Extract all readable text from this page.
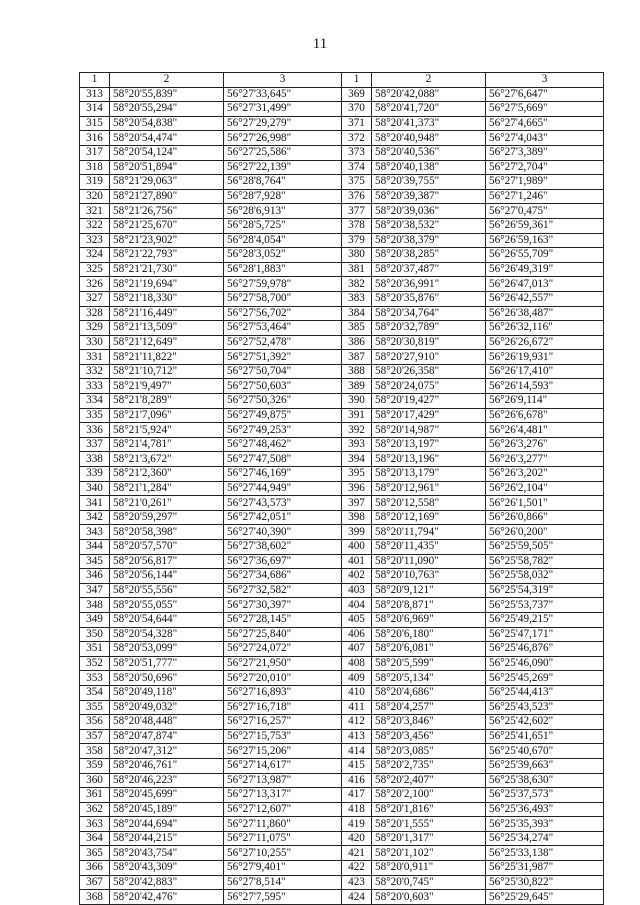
11
1	2	3	1	2	3
313	58°20'55,839"	56°27'33,645"	369	58°20'42,088"	56°27'6,647"
314	58°20'55,294"	56°27'31,499"	370	58°20'41,720"	56°27'5,669"
315	58°20'54,838"	56°27'29,279"	371	58°20'41,373"	56°27'4,665"
316	58°20'54,474"	56°27'26,998"	372	58°20'40,948"	56°27'4,043"
317	58°20'54,124"	56°27'25,586"	373	58°20'40,536"	56°27'3,389"
318	58°20'51,894"	56°27'22,139"	374	58°20'40,138"	56°27'2,704"
319	58°21'29,063"	56°28'8,764"	375	58°20'39,755"	56°27'1,989"
320	58°21'27,890"	56°28'7,928"	376	58°20'39,387"	56°27'1,246"
321	58°21'26,756"	56°28'6,913"	377	58°20'39,036"	56°27'0,475"
322	58°21'25,670"	56°28'5,725"	378	58°20'38,532"	56°26'59,361"
323	58°21'23,902"	56°28'4,054"	379	58°20'38,379"	56°26'59,163"
324	58°21'22,793"	56°28'3,052"	380	58°20'38,285"	56°26'55,709"
325	58°21'21,730"	56°28'1,883"	381	58°20'37,487"	56°26'49,319"
326	58°21'19,694"	56°27'59,978"	382	58°20'36,991"	56°26'47,013"
327	58°21'18,330"	56°27'58,700"	383	58°20'35,876"	56°26'42,557"
328	58°21'16,449"	56°27'56,702"	384	58°20'34,764"	56°26'38,487"
329	58°21'13,509"	56°27'53,464"	385	58°20'32,789"	56°26'32,116"
330	58°21'12,649"	56°27'52,478"	386	58°20'30,819"	56°26'26,672"
331	58°21'11,822"	56°27'51,392"	387	58°20'27,910"	56°26'19,931"
332	58°21'10,712"	56°27'50,704"	388	58°20'26,358"	56°26'17,410"
333	58°21'9,497"	56°27'50,603"	389	58°20'24,075"	56°26'14,593"
334	58°21'8,289"	56°27'50,326"	390	58°20'19,427"	56°26'9,114"
335	58°21'7,096"	56°27'49,875"	391	58°20'17,429"	56°26'6,678"
336	58°21'5,924"	56°27'49,253"	392	58°20'14,987"	56°26'4,481"
337	58°21'4,781"	56°27'48,462"	393	58°20'13,197"	56°26'3,276"
338	58°21'3,672"	56°27'47,508"	394	58°20'13,196"	56°26'3,277"
339	58°21'2,360"	56°27'46,169"	395	58°20'13,179"	56°26'3,202"
340	58°21'1,284"	56°27'44,949"	396	58°20'12,961"	56°26'2,104"
341	58°21'0,261"	56°27'43,573"	397	58°20'12,558"	56°26'1,501"
342	58°20'59,297"	56°27'42,051"	398	58°20'12,169"	56°26'0,866"
343	58°20'58,398"	56°27'40,390"	399	58°20'11,794"	56°26'0,200"
344	58°20'57,570"	56°27'38,602"	400	58°20'11,435"	56°25'59,505"
345	58°20'56,817"	56°27'36,697"	401	58°20'11,090"	56°25'58,782"
346	58°20'56,144"	56°27'34,686"	402	58°20'10,763"	56°25'58,032"
347	58°20'55,556"	56°27'32,582"	403	58°20'9,121"	56°25'54,319"
348	58°20'55,055"	56°27'30,397"	404	58°20'8,871"	56°25'53,737"
349	58°20'54,644"	56°27'28,145"	405	58°20'6,969"	56°25'49,215"
350	58°20'54,328"	56°27'25,840"	406	58°20'6,180"	56°25'47,171"
351	58°20'53,099"	56°27'24,072"	407	58°20'6,081"	56°25'46,876"
352	58°20'51,777"	56°27'21,950"	408	58°20'5,599"	56°25'46,090"
353	58°20'50,696"	56°27'20,010"	409	58°20'5,134"	56°25'45,269"
354	58°20'49,118"	56°27'16,893"	410	58°20'4,686"	56°25'44,413"
355	58°20'49,032"	56°27'16,718"	411	58°20'4,257"	56°25'43,523"
356	58°20'48,448"	56°27'16,257"	412	58°20'3,846"	56°25'42,602"
357	58°20'47,874"	56°27'15,753"	413	58°20'3,456"	56°25'41,651"
358	58°20'47,312"	56°27'15,206"	414	58°20'3,085"	56°25'40,670"
359	58°20'46,761"	56°27'14,617"	415	58°20'2,735"	56°25'39,663"
360	58°20'46,223"	56°27'13,987"	416	58°20'2,407"	56°25'38,630"
361	58°20'45,699"	56°27'13,317"	417	58°20'2,100"	56°25'37,573"
362	58°20'45,189"	56°27'12,607"	418	58°20'1,816"	56°25'36,493"
363	58°20'44,694"	56°27'11,860"	419	58°20'1,555"	56°25'35,393"
364	58°20'44,215"	56°27'11,075"	420	58°20'1,317"	56°25'34,274"
365	58°20'43,754"	56°27'10,255"	421	58°20'1,102"	56°25'33,138"
366	58°20'43,309"	56°27'9,401"	422	58°20'0,911"	56°25'31,987"
367	58°20'42,883"	56°27'8,514"	423	58°20'0,745"	56°25'30,822"
368	58°20'42,476"	56°27'7,595"	424	58°20'0,603"	56°25'29,645"
